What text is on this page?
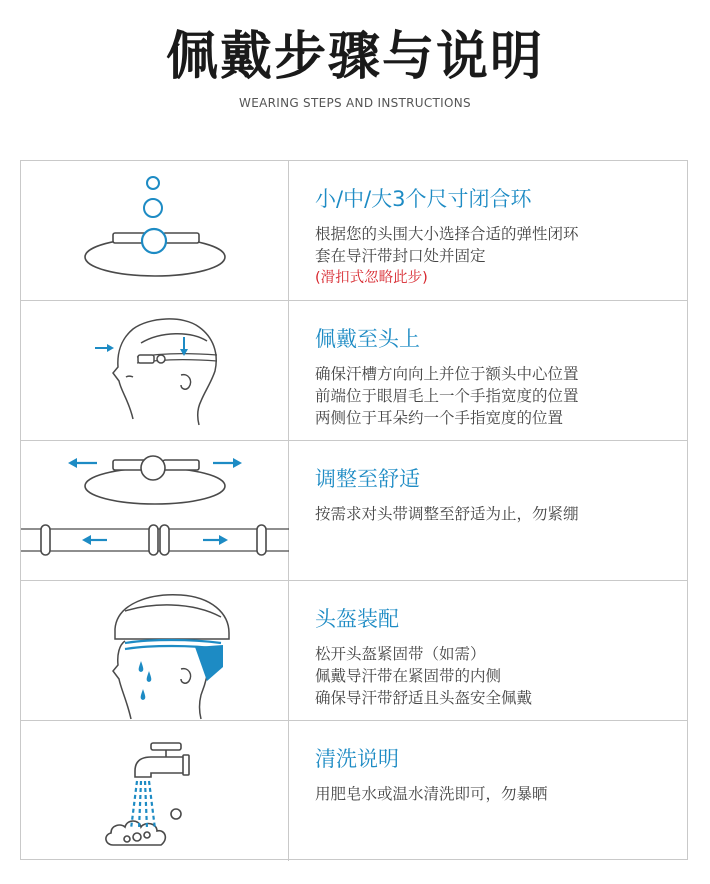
佩戴步骤与说明
WEARING STEPS AND INSTRUCTIONS
小/中/大3个尺寸闭合环
根据您的头围大小选择合适的弹性闭环
套在导汗带封口处并固定
(滑扣式忽略此步)
佩戴至头上
确保汗槽方向向上并位于额头中心位置
前端位于眼眉毛上一个手指宽度的位置
两侧位于耳朵约一个手指宽度的位置
调整至舒适
按需求对头带调整至舒适为止，勿紧绷
头盔装配
松开头盔紧固带（如需）
佩戴导汗带在紧固带的内侧
确保导汗带舒适且头盔安全佩戴
清洗说明
用肥皂水或温水清洗即可，勿暴晒
